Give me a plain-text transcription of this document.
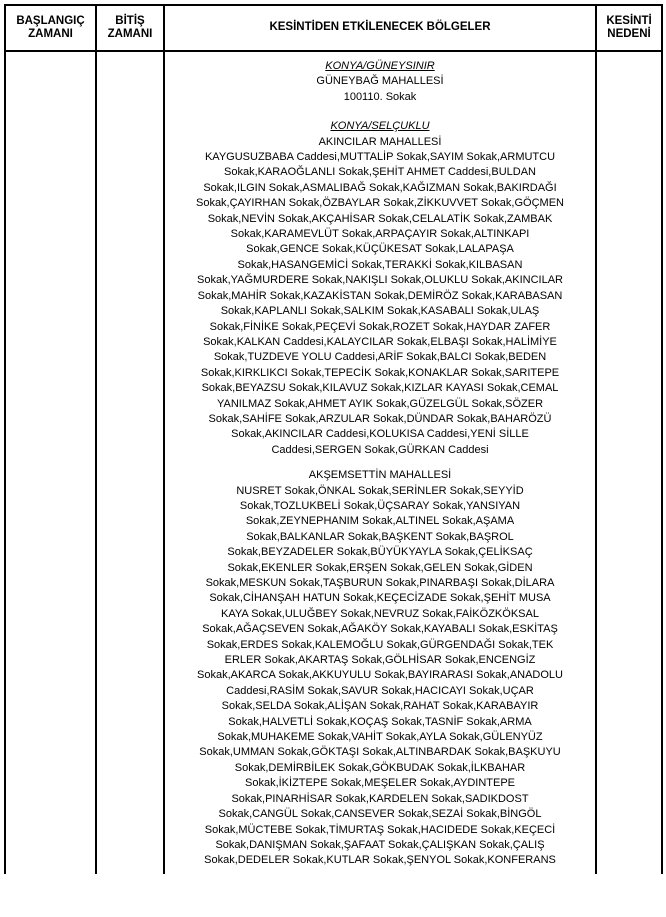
BAŞLANGIÇ ZAMANI
BİTİŞ ZAMANI
KESİNTİDEN ETKİLENECEK BÖLGELER
KESİNTİ NEDENİ
KONYA/GÜNEYSINIR
GÜNEYBAĞ MAHALLESİ
100110. Sokak
KONYA/SELÇUKLU
AKINCILAR MAHALLESİ
KAYGUSUZBABA Caddesi,MUTTALİP Sokak,SAYIM Sokak,ARMUTCU
Sokak,KARAOĞLANLI Sokak,ŞEHİT AHMET Caddesi,BULDAN
Sokak,ILGIN Sokak,ASMALIBAĞ Sokak,KAĞIZMAN Sokak,BAKIRDAĞI
Sokak,ÇAYIRHAN Sokak,ÖZBAYLAR Sokak,ZİKKUVVET Sokak,GÖÇMEN
Sokak,NEVİN Sokak,AKÇAHİSAR Sokak,CELALATİK Sokak,ZAMBAK
Sokak,KARAMEVLÜT Sokak,ARPAÇAYIR Sokak,ALTINKAPI
Sokak,GENCE Sokak,KÜÇÜKESAT Sokak,LALAPAŞA
Sokak,HASANGEMİCİ Sokak,TERAKKİ Sokak,KILBASAN
Sokak,YAĞMURDERE Sokak,NAKIŞLI Sokak,OLUKLU Sokak,AKINCILAR
Sokak,MAHİR Sokak,KAZAKİSTAN Sokak,DEMİRÖZ Sokak,KARABASAN
Sokak,KAPLANLI Sokak,SALKIM Sokak,KASABALI Sokak,ULAŞ
Sokak,FİNİKE Sokak,PEÇEVİ Sokak,ROZET Sokak,HAYDAR ZAFER
Sokak,KALKAN Caddesi,KALAYCILAR Sokak,ELBAŞI Sokak,HALİMİYE
Sokak,TUZDEVE YOLU Caddesi,ARİF Sokak,BALCI Sokak,BEDEN
Sokak,KIRKLIKCI Sokak,TEPECİK Sokak,KONAKLAR Sokak,SARITEPE
Sokak,BEYAZSU Sokak,KILAVUZ Sokak,KIZLAR KAYASI Sokak,CEMAL
YANILMAZ Sokak,AHMET AYIK Sokak,GÜZELGÜL Sokak,SÖZER
Sokak,SAHİFE Sokak,ARZULAR Sokak,DÜNDAR Sokak,BAHARÖZÜ
Sokak,AKINCILAR Caddesi,KOLUKISA Caddesi,YENİ SİLLE
Caddesi,SERGEN Sokak,GÜRKAN Caddesi
AKŞEMSETTİN MAHALLESİ
NUSRET Sokak,ÖNKAL Sokak,SERİNLER Sokak,SEYYİD
Sokak,TOZLUKBELİ Sokak,ÜÇSARAY Sokak,YANSIYAN
Sokak,ZEYNEPHANIM Sokak,ALTINEL Sokak,AŞAMA
Sokak,BALKANLAR Sokak,BAŞKENT Sokak,BAŞROL
Sokak,BEYZADELER Sokak,BÜYÜKYAYLA Sokak,ÇELİKSAÇ
Sokak,EKENLER Sokak,ERŞEN Sokak,GELEN Sokak,GİDEN
Sokak,MESKUN Sokak,TAŞBURUN Sokak,PINARBAŞI Sokak,DİLARA
Sokak,CİHANŞAH HATUN Sokak,KEÇECİZADE Sokak,ŞEHİT MUSA
KAYA Sokak,ULUĞBEY Sokak,NEVRUZ Sokak,FAİKÖZKÖKSAL
Sokak,AĞAÇSEVEN Sokak,AĞAKÖY Sokak,KAYABALI Sokak,ESKİTAŞ
Sokak,ERDES Sokak,KALEMOĞLU Sokak,GÜRGENDAĞI Sokak,TEK
ERLER Sokak,AKARTAŞ Sokak,GÖLHİSAR Sokak,ENCENGİZ
Sokak,AKARCA Sokak,AKKUYULU Sokak,BAYIRARASI Sokak,ANADOLU
Caddesi,RASİM Sokak,SAVUR Sokak,HACICAYI Sokak,UÇAR
Sokak,SELDA Sokak,ALİŞAN Sokak,RAHAT Sokak,KARABAYIR
Sokak,HALVETLİ Sokak,KOÇAŞ Sokak,TASNİF Sokak,ARMA
Sokak,MUHAKEME Sokak,VAHİT Sokak,AYLA Sokak,GÜLENYÜZ
Sokak,UMMAN Sokak,GÖKTAŞI Sokak,ALTINBARDAK Sokak,BAŞKUYU
Sokak,DEMİRBİLEK Sokak,GÖKBUDAK Sokak,İLKBAHAR
Sokak,İKİZTEPE Sokak,MEŞELER Sokak,AYDINTEPE
Sokak,PINARHİSAR Sokak,KARDELEN Sokak,SADIKDOST
Sokak,CANGÜL Sokak,CANSEVER Sokak,SEZAİ Sokak,BİNGÖL
Sokak,MÜCTEBE Sokak,TİMURTAŞ Sokak,HACIDEDE Sokak,KEÇECİ
Sokak,DANIŞMAN Sokak,ŞAFAAT Sokak,ÇALIŞKAN Sokak,ÇALIŞ
Sokak,DEDELER Sokak,KUTLAR Sokak,ŞENYOL Sokak,KONFERANS
